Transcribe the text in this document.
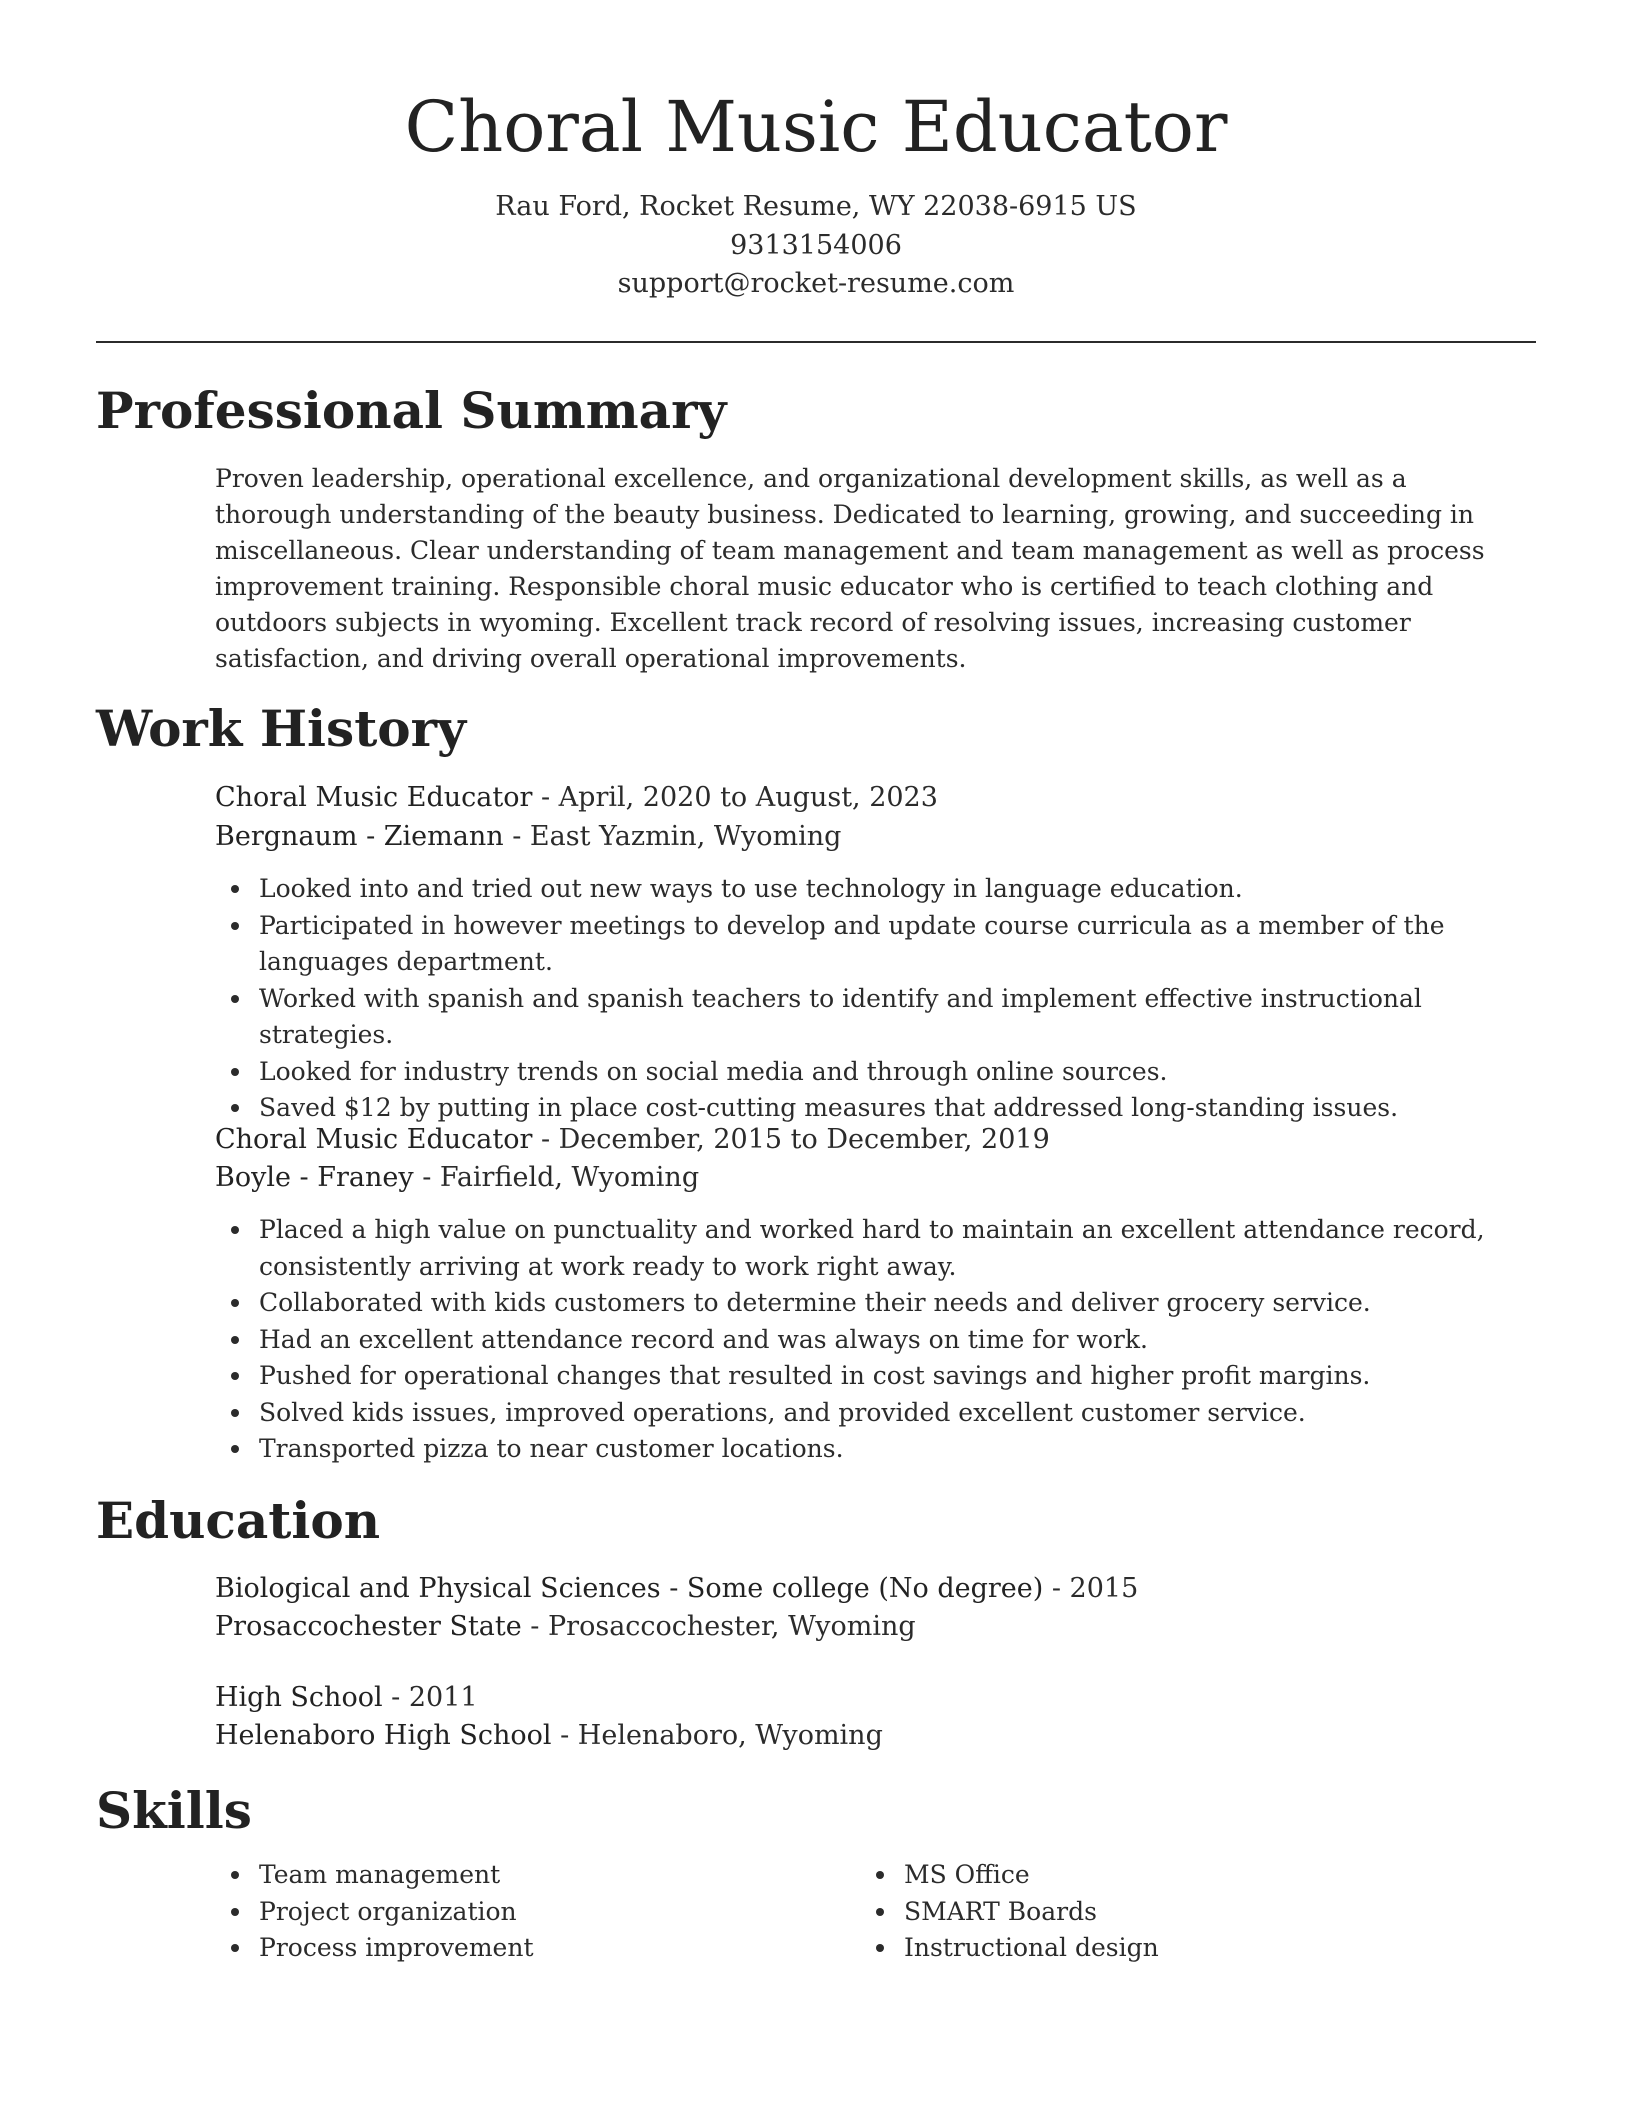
Choral Music Educator
Rau Ford, Rocket Resume, WY 22038-6915 US
9313154006
support@rocket-resume.com
Professional Summary

Proven leadership, operational excellence, and organizational development skills, as well as a thorough understanding of the beauty business. Dedicated to learning, growing, and succeeding in miscellaneous. Clear understanding of team management and team management as well as process improvement training. Responsible choral music educator who is certified to teach clothing and outdoors subjects in wyoming. Excellent track record of resolving issues, increasing customer satisfaction, and driving overall operational improvements.

Work History
Choral Music Educator - April, 2020 to August, 2023
Bergnaum - Ziemann - East Yazmin, Wyoming
Looked into and tried out new ways to use technology in language education.
Participated in however meetings to develop and update course curricula as a member of the languages department.
Worked with spanish and spanish teachers to identify and implement effective instructional strategies.
Looked for industry trends on social media and through online sources.
Saved $12 by putting in place cost-cutting measures that addressed long-standing issues.
Choral Music Educator - December, 2015 to December, 2019
Boyle - Franey - Fairfield, Wyoming
Placed a high value on punctuality and worked hard to maintain an excellent attendance record, consistently arriving at work ready to work right away.
Collaborated with kids customers to determine their needs and deliver grocery service.
Had an excellent attendance record and was always on time for work.
Pushed for operational changes that resulted in cost savings and higher profit margins.
Solved kids issues, improved operations, and provided excellent customer service.
Transported pizza to near customer locations.
Education
Biological and Physical Sciences - Some college (No degree) - 2015
Prosaccochester State - Prosaccochester, Wyoming
High School - 2011
Helenaboro High School - Helenaboro, Wyoming
Skills
Team management
Project organization
Process improvement
MS Office
SMART Boards
Instructional design
